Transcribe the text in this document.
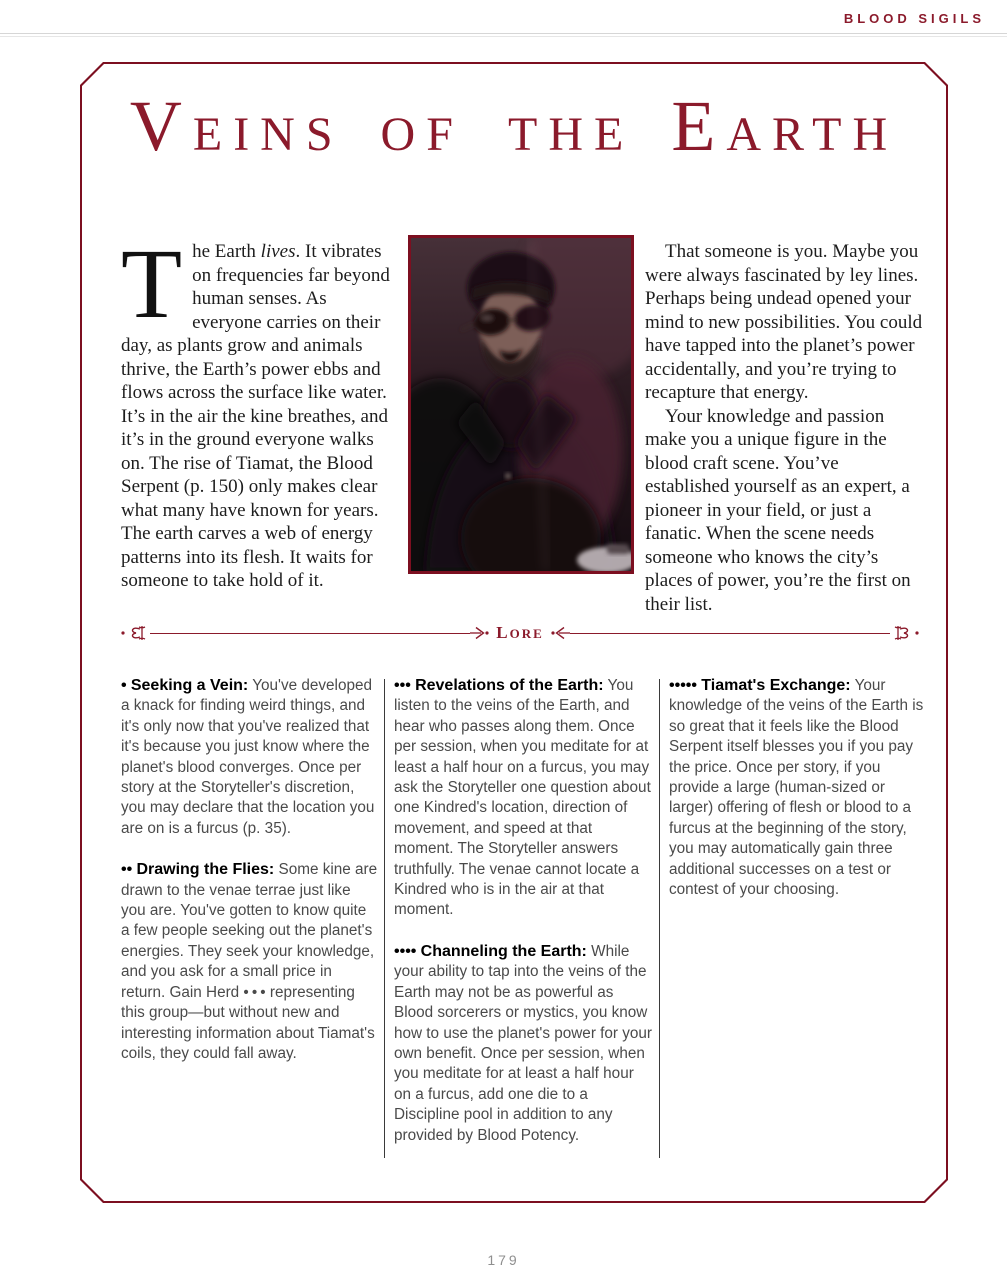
BLOOD SIGILS
VEINS OF THE EARTH
The Earth lives. It vibrates on frequencies far beyond human senses. As everyone carries on their day, as plants grow and animals thrive, the Earth’s power ebbs and flows across the surface like water. It’s in the air the kine breathes, and it’s in the ground everyone walks on. The rise of Tiamat, the Blood Serpent (p. 150) only makes clear what many have known for years. The earth carves a web of energy patterns into its flesh. It waits for someone to take hold of it.

That someone is you. Maybe you were always fascinated by ley lines. Perhaps being undead opened your mind to new possibilities. You could have tapped into the planet’s power accidentally, and you’re trying to recapture that energy.

Your knowledge and passion make you a unique figure in the blood craft scene. You’ve established yourself as an expert, a pioneer in your field, or just a fanatic. When the scene needs someone who knows the city’s places of power, you’re the first on their list.

LORE

• Seeking a Vein: You've developed a knack for finding weird things, and it's only now that you've realized that it's because you just know where the planet's blood converges. Once per story at the Storyteller's discretion, you may declare that the location you are on is a furcus (p. 35).

•• Drawing the Flies: Some kine are drawn to the venae terrae just like you are. You've gotten to know quite a few people seeking out the planet's energies. They seek your knowledge, and you ask for a small price in return. Gain Herd • • • representing this group—but without new and interesting information about Tiamat's coils, they could fall away.

••• Revelations of the Earth: You listen to the veins of the Earth, and hear who passes along them. Once per session, when you meditate for at least a half hour on a furcus, you may ask the Storyteller one question about one Kindred's location, direction of movement, and speed at that moment. The Storyteller answers truthfully. The venae cannot locate a Kindred who is in the air at that moment.

•••• Channeling the Earth: While your ability to tap into the veins of the Earth may not be as powerful as Blood sorcerers or mystics, you know how to use the planet's power for your own benefit. Once per session, when you meditate for at least a half hour on a furcus, add one die to a Discipline pool in addition to any provided by Blood Potency.

••••• Tiamat's Exchange: Your knowledge of the veins of the Earth is so great that it feels like the Blood Serpent itself blesses you if you pay the price. Once per story, if you provide a large (human-sized or larger) offering of flesh or blood to a furcus at the beginning of the story, you may automatically gain three additional successes on a test or contest of your choosing.

179
